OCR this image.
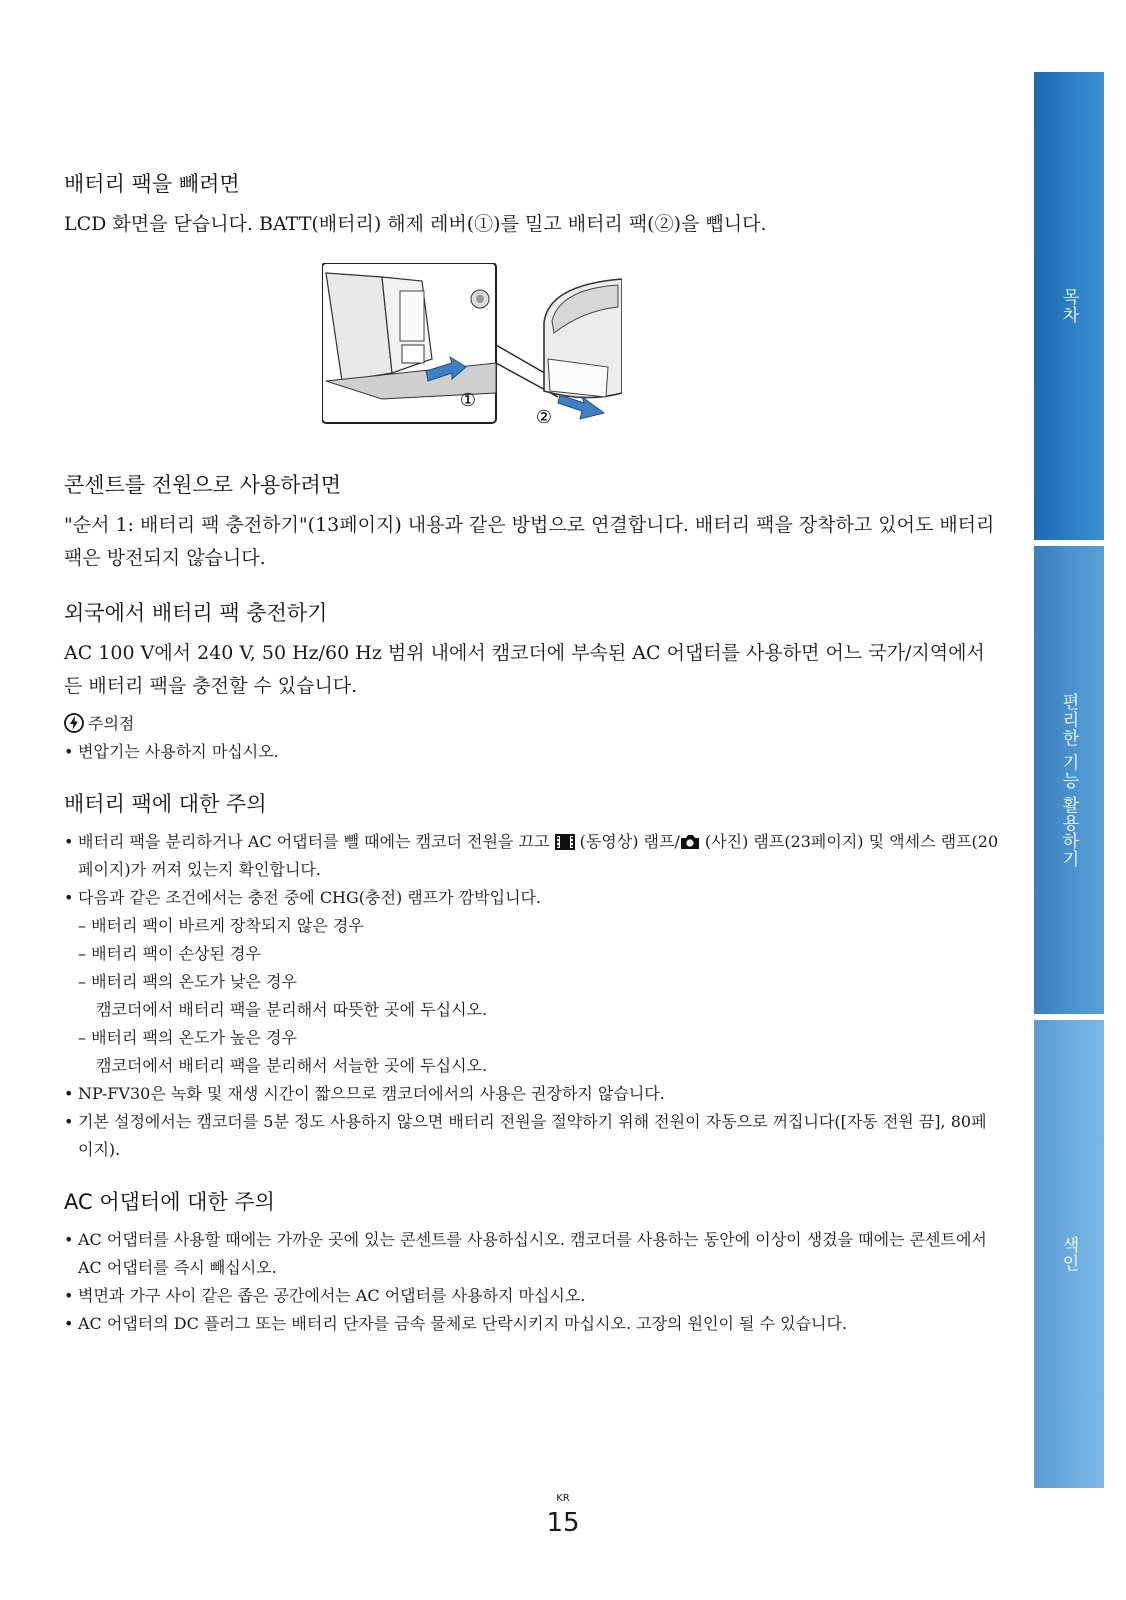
배터리 팩을 빼려면

LCD 화면을 닫습니다. BATT(배터리) 해제 레버(①)를 밀고 배터리 팩(②)을 뺍니다.

①
②
콘센트를 전원으로 사용하려면

"순서 1: 배터리 팩 충전하기"(13페이지) 내용과 같은 방법으로 연결합니다. 배터리 팩을 장착하고 있어도 배터리 팩은 방전되지 않습니다.

외국에서 배터리 팩 충전하기

AC 100 V에서 240 V, 50 Hz/60 Hz 범위 내에서 캠코더에 부속된 AC 어댑터를 사용하면 어느 국가/지역에서든 배터리 팩을 충전할 수 있습니다.

주의점
• 변압기는 사용하지 마십시오.
배터리 팩에 대한 주의
• 배터리 팩을 분리하거나 AC 어댑터를 뺄 때에는 캠코더 전원을 끄고  (동영상) 램프/ (사진) 램프(23페이지) 및 액세스 램프(20페이지)가 꺼져 있는지 확인합니다.
• 다음과 같은 조건에서는 충전 중에 CHG(충전) 램프가 깜박입니다.
– 배터리 팩이 바르게 장착되지 않은 경우
– 배터리 팩이 손상된 경우
– 배터리 팩의 온도가 낮은 경우
캠코더에서 배터리 팩을 분리해서 따뜻한 곳에 두십시오.
– 배터리 팩의 온도가 높은 경우
캠코더에서 배터리 팩을 분리해서 서늘한 곳에 두십시오.
• NP-FV30은 녹화 및 재생 시간이 짧으므로 캠코더에서의 사용은 권장하지 않습니다.
• 기본 설정에서는 캠코더를 5분 정도 사용하지 않으면 배터리 전원을 절약하기 위해 전원이 자동으로 꺼집니다([자동 전원 끔], 80페이지).
AC 어댑터에 대한 주의
• AC 어댑터를 사용할 때에는 가까운 곳에 있는 콘센트를 사용하십시오. 캠코더를 사용하는 동안에 이상이 생겼을 때에는 콘센트에서 AC 어댑터를 즉시 빼십시오.
• 벽면과 가구 사이 같은 좁은 공간에서는 AC 어댑터를 사용하지 마십시오.
• AC 어댑터의 DC 플러그 또는 배터리 단자를 금속 물체로 단락시키지 마십시오. 고장의 원인이 될 수 있습니다.
목차
편리한 기능 활용하기
색인
KR
15
